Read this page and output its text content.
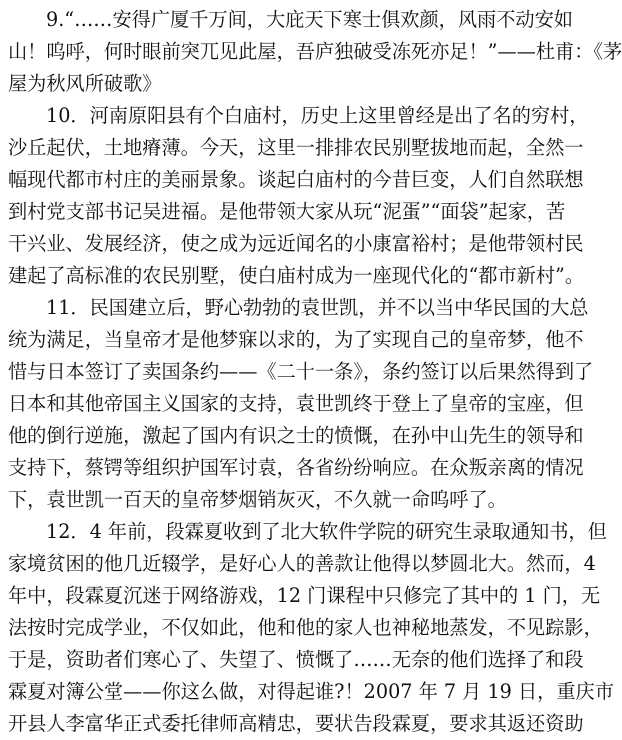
9.“……安得广厦千万间，大庇天下寒士俱欢颜，风雨不动安如
山！呜呼，何时眼前突兀见此屋，吾庐独破受冻死亦足！”——杜甫：《茅
屋为秋风所破歌》
10．河南原阳县有个白庙村，历史上这里曾经是出了名的穷村，
沙丘起伏，土地瘠薄。今天，这里一排排农民别墅拔地而起，全然一
幅现代都市村庄的美丽景象。谈起白庙村的今昔巨变，人们自然联想
到村党支部书记吴进福。是他带领大家从玩“泥蛋”“面袋”起家，苦
干兴业、发展经济，使之成为远近闻名的小康富裕村；是他带领村民
建起了高标准的农民别墅，使白庙村成为一座现代化的“都市新村”。
11．民国建立后，野心勃勃的袁世凯，并不以当中华民国的大总
统为满足，当皇帝才是他梦寐以求的，为了实现自己的皇帝梦，他不
惜与日本签订了卖国条约——《二十一条》，条约签订以后果然得到了
日本和其他帝国主义国家的支持，袁世凯终于登上了皇帝的宝座，但
他的倒行逆施，激起了国内有识之士的愤慨，在孙中山先生的领导和
支持下，蔡锷等组织护国军讨袁，各省纷纷响应。在众叛亲离的情况
下，袁世凯一百天的皇帝梦烟销灰灭，不久就一命呜呼了。
12．4 年前，段霖夏收到了北大软件学院的研究生录取通知书，但
家境贫困的他几近辍学，是好心人的善款让他得以梦圆北大。然而，4
年中，段霖夏沉迷于网络游戏，12 门课程中只修完了其中的 1 门，无
法按时完成学业，不仅如此，他和他的家人也神秘地蒸发，不见踪影，
于是，资助者们寒心了、失望了、愤慨了……无奈的他们选择了和段
霖夏对簿公堂——你这么做，对得起谁?！2007 年 7 月 19 日，重庆市
开县人李富华正式委托律师高精忠，要状告段霖夏，要求其返还资助
